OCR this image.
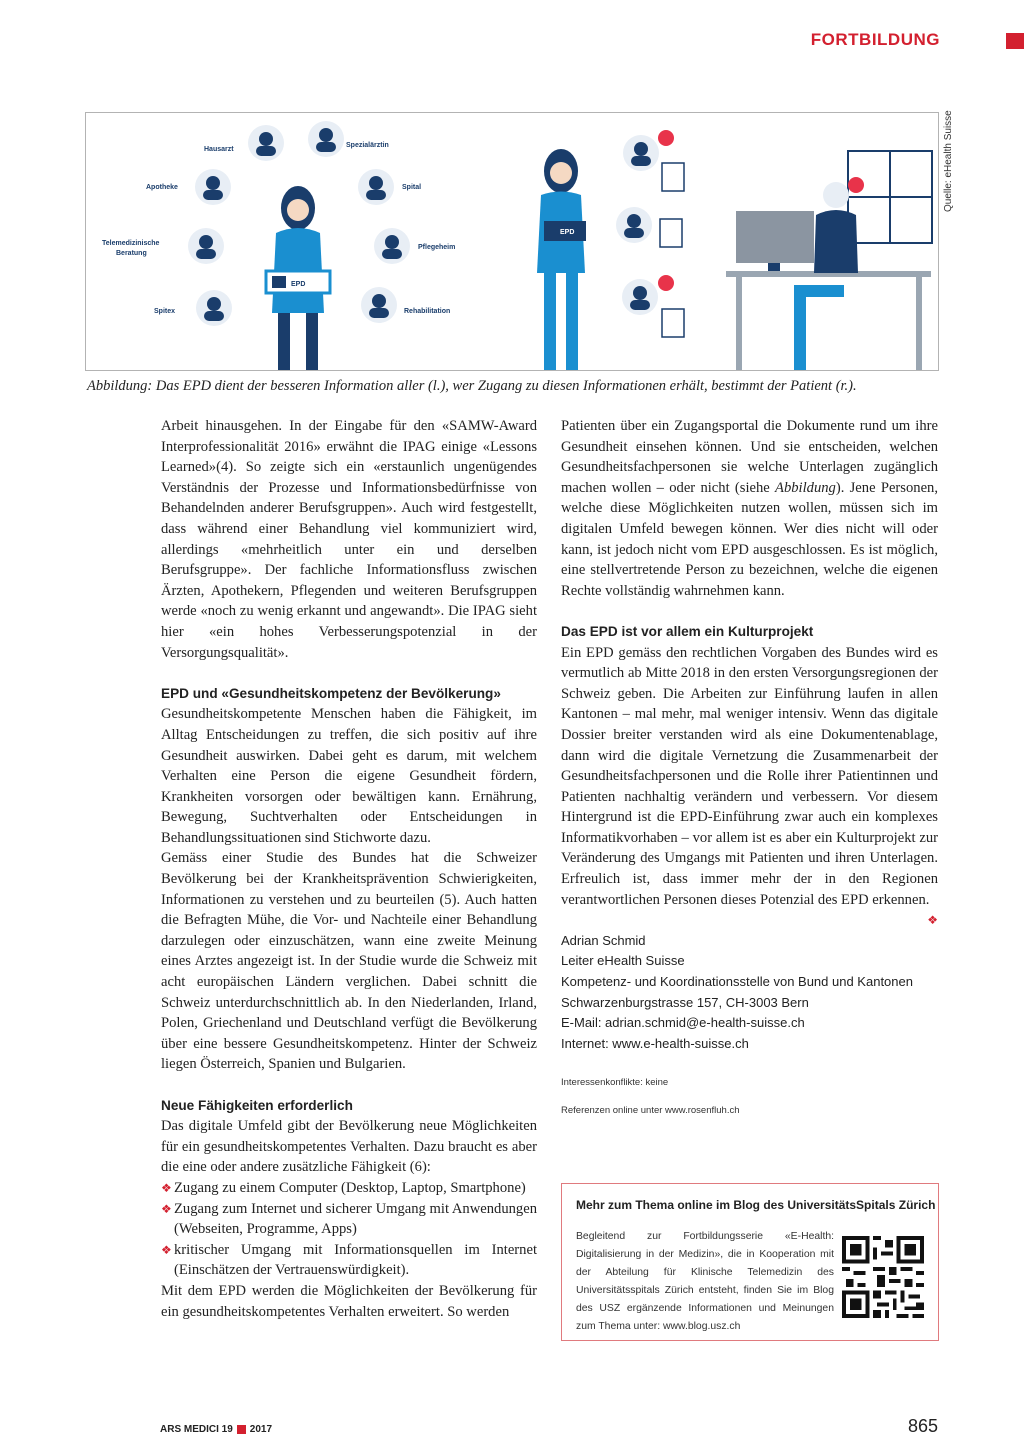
FORTBILDUNG
Hausarzt
Spezialärztin
Apotheke	Spital
Telemedizinische
Beratung
Pflegeheim
Spitex	Rehabilitation
EPD
EPD
Quelle: eHealth Suisse
Abbildung: Das EPD dient der besseren Information aller (l.), wer Zugang zu diesen Informationen erhält, bestimmt der Patient (r.).

Arbeit hinausgehen. In der Eingabe für den «SAMW-Award Interprofessionalität 2016» erwähnt die IPAG einige «Lessons Learned»(4). So zeigte sich ein «erstaunlich ungenügendes Verständnis der Prozesse und Informationsbedürfnisse von Behandelnden anderer Berufsgruppen». Auch wird festgestellt, dass während einer Behandlung viel kommuniziert wird, allerdings «mehrheitlich unter ein und derselben Berufsgruppe». Der fachliche Informationsfluss zwischen Ärzten, Apothekern, Pflegenden und weiteren Berufsgruppen werde «noch zu wenig erkannt und angewandt». Die IPAG sieht hier «ein hohes Verbesserungspotenzial in der Versorgungsqualität».

EPD und «Gesundheitskompetenz der Bevölkerung»

Gesundheitskompetente Menschen haben die Fähigkeit, im Alltag Entscheidungen zu treffen, die sich positiv auf ihre Gesundheit auswirken. Dabei geht es darum, mit welchem Verhalten eine Person die eigene Gesundheit fördern, Krankheiten vorsorgen oder bewältigen kann. Ernährung, Bewegung, Suchtverhalten oder Entscheidungen in Behandlungssituationen sind Stichworte dazu.

Gemäss einer Studie des Bundes hat die Schweizer Bevölkerung bei der Krankheitsprävention Schwierigkeiten, Informationen zu verstehen und zu beurteilen (5). Auch hatten die Befragten Mühe, die Vor- und Nachteile einer Behandlung darzulegen oder einzuschätzen, wann eine zweite Meinung eines Arztes angezeigt ist. In der Studie wurde die Schweiz mit acht europäischen Ländern verglichen. Dabei schnitt die Schweiz unterdurchschnittlich ab. In den Niederlanden, Irland, Polen, Griechenland und Deutschland verfügt die Bevölkerung über eine bessere Gesundheitskompetenz. Hinter der Schweiz liegen Österreich, Spanien und Bulgarien.

Neue Fähigkeiten erforderlich

Das digitale Umfeld gibt der Bevölkerung neue Möglichkeiten für ein gesundheitskompetentes Verhalten. Dazu braucht es aber die eine oder andere zusätzliche Fähigkeit (6):

❖ Zugang zu einem Computer (Desktop, Laptop, Smartphone)
❖ Zugang zum Internet und sicherer Umgang mit Anwendungen (Webseiten, Programme, Apps)
❖ kritischer Umgang mit Informationsquellen im Internet (Einschätzen der Vertrauenswürdigkeit).

Mit dem EPD werden die Möglichkeiten der Bevölkerung für ein gesundheitskompetentes Verhalten erweitert. So werden

Patienten über ein Zugangsportal die Dokumente rund um ihre Gesundheit einsehen können. Und sie entscheiden, welchen Gesundheitsfachpersonen sie welche Unterlagen zugänglich machen wollen – oder nicht (siehe Abbildung). Jene Personen, welche diese Möglichkeiten nutzen wollen, müssen sich im digitalen Umfeld bewegen können. Wer dies nicht will oder kann, ist jedoch nicht vom EPD ausgeschlossen. Es ist möglich, eine stellvertretende Person zu bezeichnen, welche die eigenen Rechte vollständig wahrnehmen kann.

Das EPD ist vor allem ein Kulturprojekt

Ein EPD gemäss den rechtlichen Vorgaben des Bundes wird es vermutlich ab Mitte 2018 in den ersten Versorgungsregionen der Schweiz geben. Die Arbeiten zur Einführung laufen in allen Kantonen – mal mehr, mal weniger intensiv. Wenn das digitale Dossier breiter verstanden wird als eine Dokumentenablage, dann wird die digitale Vernetzung die Zusammenarbeit der Gesundheitsfachpersonen und die Rolle ihrer Patientinnen und Patienten nachhaltig verändern und verbessern. Vor diesem Hintergrund ist die EPD-Einführung zwar auch ein komplexes Informatikvorhaben – vor allem ist es aber ein Kulturprojekt zur Veränderung des Umgangs mit Patienten und ihren Unterlagen. Erfreulich ist, dass immer mehr der in den Regionen verantwortlichen Personen dieses Potenzial des EPD erkennen.
❖

Adrian Schmid
Leiter eHealth Suisse
Kompetenz- und Koordinationsstelle von Bund und Kantonen
Schwarzenburgstrasse 157, CH-3003 Bern
E-Mail: adrian.schmid@e-health-suisse.ch
Internet: www.e-health-suisse.ch
Interessenkonflikte: keine
Referenzen online unter www.rosenfluh.ch
Mehr zum Thema online im Blog des UniversitätsSpitals Zürich
Begleitend zur Fortbildungsserie «E-Health: Digitalisierung in der Medizin», die in Kooperation mit der Abteilung für Klinische Telemedizin des Universitätsspitals Zürich entsteht, finden Sie im Blog des USZ ergänzende Informationen und Meinungen zum Thema unter: www.blog.usz.ch
ARS MEDICI 19 2017	865
